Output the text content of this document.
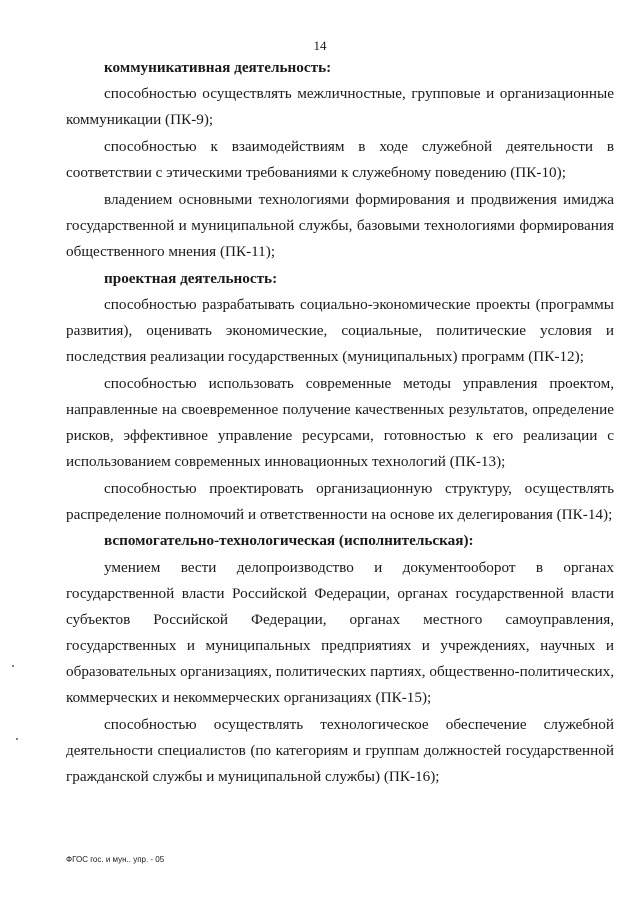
14

коммуникативная деятельность:

способностью осуществлять межличностные, групповые и организационные коммуникации (ПК-9);

способностью к взаимодействиям в ходе служебной деятельности в соответствии с этическими требованиями к служебному поведению (ПК-10);

владением основными технологиями формирования и продвижения имиджа государственной и муниципальной службы, базовыми технологиями формирования общественного мнения (ПК-11);

проектная деятельность:

способностью разрабатывать социально-экономические проекты (программы развития), оценивать экономические, социальные, политические условия и последствия реализации государственных (муниципальных) программ (ПК-12);

способностью использовать современные методы управления проектом, направленные на своевременное получение качественных результатов, определение рисков, эффективное управление ресурсами, готовностью к его реализации с использованием современных инновационных технологий (ПК-13);

способностью проектировать организационную структуру, осуществлять распределение полномочий и ответственности на основе их делегирования (ПК-14);

вспомогательно-технологическая (исполнительская):

умением вести делопроизводство и документооборот в органах государственной власти Российской Федерации, органах государственной власти субъектов Российской Федерации, органах местного самоуправления, государственных и муниципальных предприятиях и учреждениях, научных и образовательных организациях, политических партиях, общественно-политических, коммерческих и некоммерческих организациях (ПК-15);

способностью осуществлять технологическое обеспечение служебной деятельности специалистов (по категориям и группам должностей государственной гражданской службы и муниципальной службы) (ПК-16);

ФГОС гос. и мун.. упр. - 05
